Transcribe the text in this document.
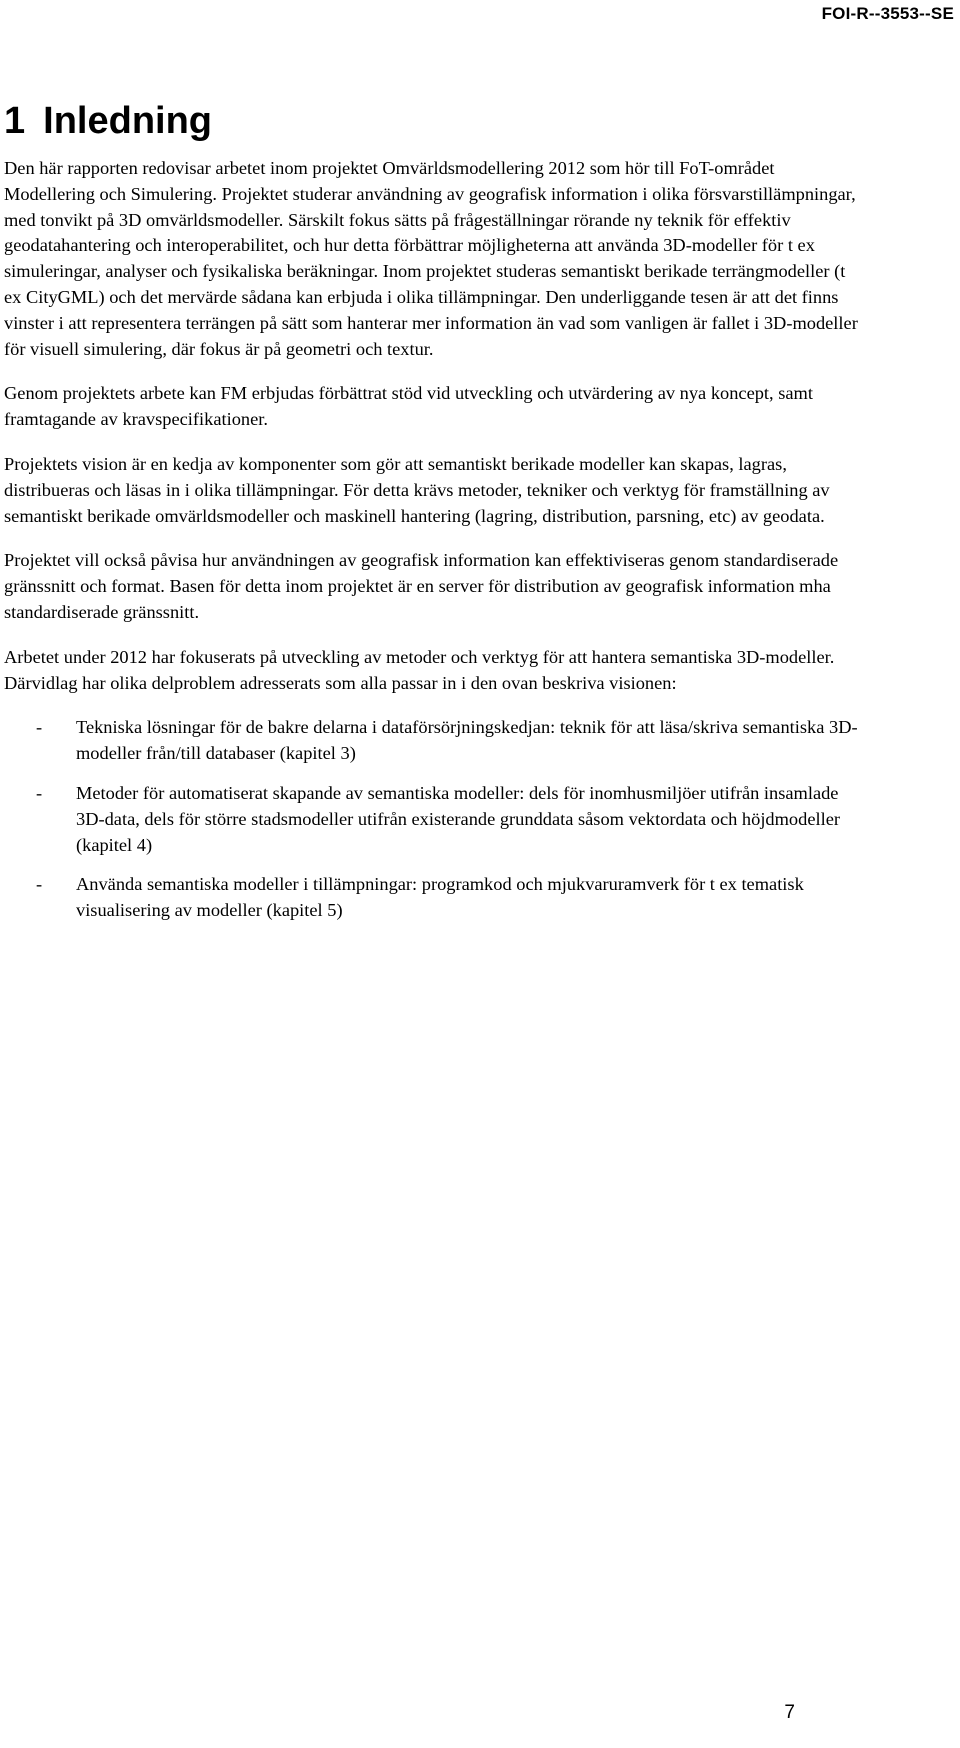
FOI-R--3553--SE
1 Inledning

Den här rapporten redovisar arbetet inom projektet Omvärldsmodellering 2012 som hör till FoT-området Modellering och Simulering. Projektet studerar användning av geografisk information i olika försvarstillämpningar, med tonvikt på 3D omvärldsmodeller. Särskilt fokus sätts på frågeställningar rörande ny teknik för effektiv geodatahantering och interoperabilitet, och hur detta förbättrar möjligheterna att använda 3D-modeller för t ex simuleringar, analyser och fysikaliska beräkningar. Inom projektet studeras semantiskt berikade terrängmodeller (t ex CityGML) och det mervärde sådana kan erbjuda i olika tillämpningar. Den underliggande tesen är att det finns vinster i att representera terrängen på sätt som hanterar mer information än vad som vanligen är fallet i 3D-modeller för visuell simulering, där fokus är på geometri och textur.

Genom projektets arbete kan FM erbjudas förbättrat stöd vid utveckling och utvärdering av nya koncept, samt framtagande av kravspecifikationer.

Projektets vision är en kedja av komponenter som gör att semantiskt berikade modeller kan skapas, lagras, distribueras och läsas in i olika tillämpningar. För detta krävs metoder, tekniker och verktyg för framställning av semantiskt berikade omvärldsmodeller och maskinell hantering (lagring, distribution, parsning, etc) av geodata.

Projektet vill också påvisa hur användningen av geografisk information kan effektiviseras genom standardiserade gränssnitt och format. Basen för detta inom projektet är en server för distribution av geografisk information mha standardiserade gränssnitt.

Arbetet under 2012 har fokuserats på utveckling av metoder och verktyg för att hantera semantiska 3D-modeller. Därvidlag har olika delproblem adresserats som alla passar in i den ovan beskriva visionen:

- Tekniska lösningar för de bakre delarna i dataförsörjningskedjan: teknik för att läsa/skriva semantiska 3D-modeller från/till databaser (kapitel 3)
- Metoder för automatiserat skapande av semantiska modeller: dels för inomhusmiljöer utifrån insamlade 3D-data, dels för större stadsmodeller utifrån existerande grunddata såsom vektordata och höjdmodeller (kapitel 4)
- Använda semantiska modeller i tillämpningar: programkod och mjukvaruramverk för t ex tematisk visualisering av modeller (kapitel 5)
7
